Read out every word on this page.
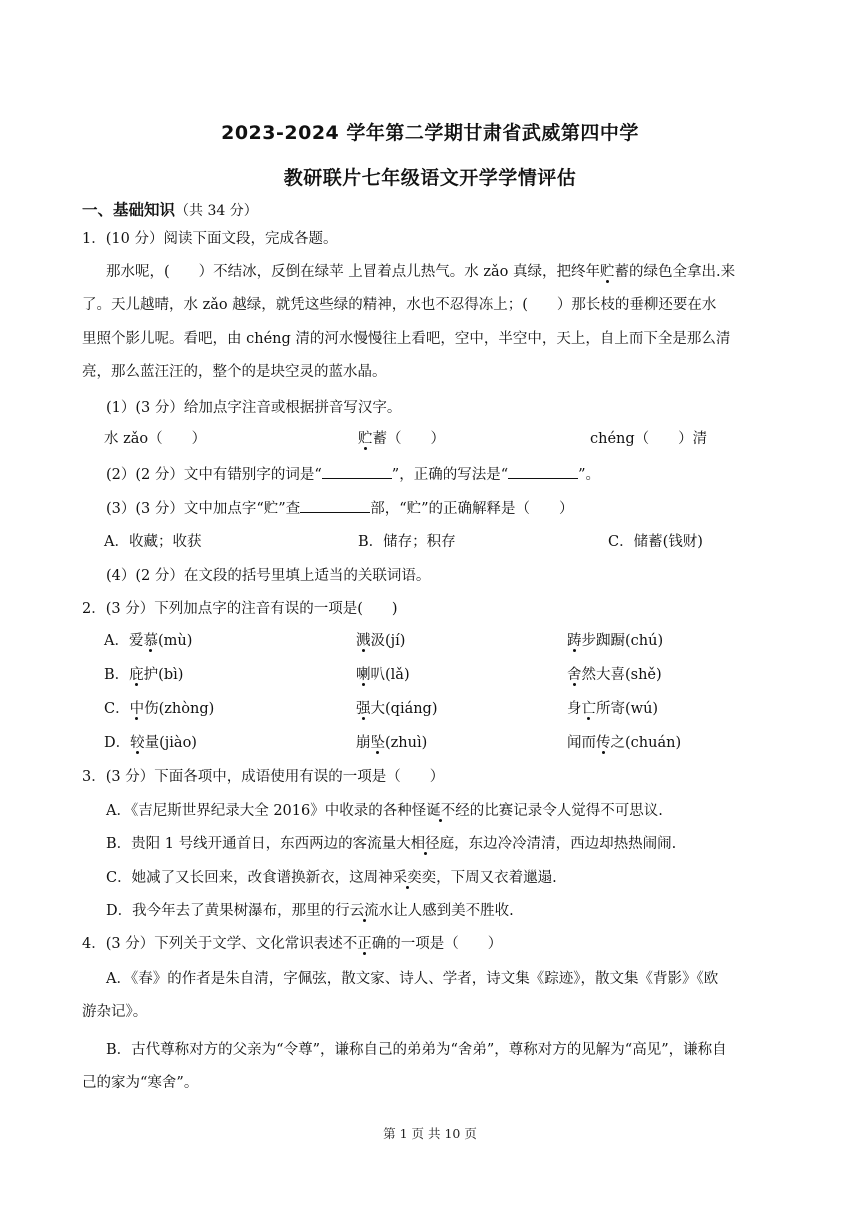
2023-2024 学年第二学期甘肃省武威第四中学
教研联片七年级语文开学学情评估
一、基础知识（共 34 分）
1．(10 分）阅读下面文段，完成各题。
那水呢，(　　）不结冰，反倒在绿苹 上冒着点儿热气。水 zǎo 真绿，把终年贮蓄的绿色全拿出.来
了。天儿越晴，水 zǎo 越绿，就凭这些绿的精神，水也不忍得冻上；(　　）那长枝的垂柳还要在水
里照个影儿呢。看吧，由 chéng 清的河水慢慢往上看吧，空中，半空中，天上，自上而下全是那么清
亮，那么蓝汪汪的，整个的是块空灵的蓝水晶。
(1）(3 分）给加点字注音或根据拼音写汉字。
水 zǎo（　　）	贮蓄（　　）	chéng（　　）清
(2）(2 分）文中有错别字的词是“	”，正确的写法是“	”。
(3）(3 分）文中加点字“贮”查	部，“贮”的正确解释是（　　）
A．收藏；收获	B．储存；积存	C．储蓄(钱财)
(4）(2 分）在文段的括号里填上适当的关联词语。
2．(3 分）下列加点字的注音有误的一项是(　　)
A．爱慕(mù)	溅汲(jí)	踌步踟蹰(chú)
B．庇护(bì)	喇叭(lǎ)	舍然大喜(shě)
C．中伤(zhòng)	强大(qiáng)	身亡所寄(wú)
D．较量(jiào)	崩坠(zhuì)	闻而传之(chuán)
3．(3 分）下面各项中，成语使用有误的一项是（　　）
A．《吉尼斯世界纪录大全 2016》中收录的各种怪诞不经的比赛记录令人觉得不可思议.
B．贵阳 1 号线开通首日，东西两边的客流量大相径庭，东边冷冷清清，西边却热热闹闹.
C．她减了又长回来，改食谱换新衣，这周神采奕奕，下周又衣着邋遢.
D．我今年去了黄果树瀑布，那里的行云流水让人感到美不胜收.
4．(3 分）下列关于文学、文化常识表述不正确的一项是（　　）
A．《春》的作者是朱自清，字佩弦，散文家、诗人、学者，诗文集《踪迹》，散文集《背影》《欧
游杂记》。
B．古代尊称对方的父亲为“令尊”，谦称自己的弟弟为“舍弟”，尊称对方的见解为“高见”，谦称自
己的家为“寒舍”。
第 1 页 共 10 页
